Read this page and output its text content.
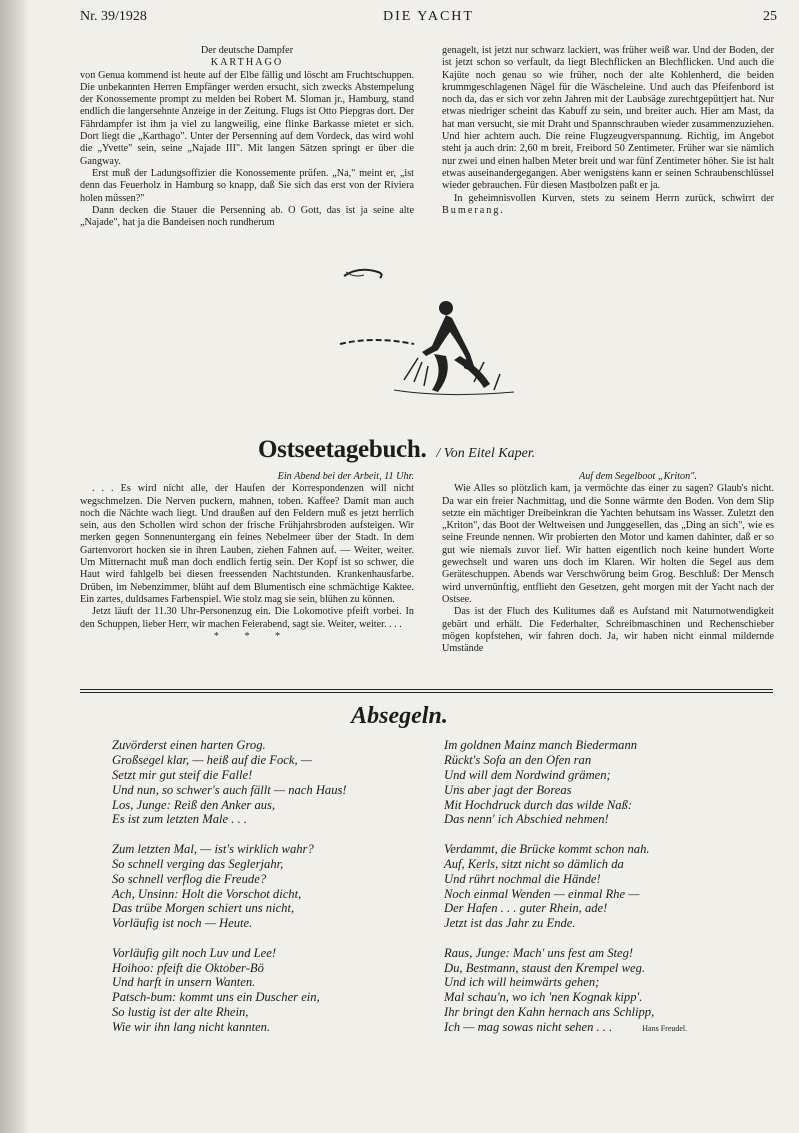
Nr. 39/1928	DIE YACHT	25

Der deutsche Dampfer

KARTHAGO

von Genua kommend ist heute auf der Elbe fällig und löscht am Fruchtschuppen. Die unbekannten Herren Empfänger werden ersucht, sich zwecks Abstempelung der Konossemente prompt zu melden bei Robert M. Sloman jr., Hamburg, stand endlich die langersehnte Anzeige in der Zeitung. Flugs ist Otto Piepgras dort. Der Fährdampfer ist ihm ja viel zu langweilig, eine flinke Barkasse mietet er sich. Dort liegt die „Karthago". Unter der Persenning auf dem Vordeck, das wird wohl die „Yvette" sein, seine „Najade III". Mit langen Sätzen springt er über die Gangway.

Erst muß der Ladungsoffizier die Konossemente prüfen. „Na," meint er, „ist denn das Feuerholz in Hamburg so knapp, daß Sie sich das erst von der Riviera holen müssen?"

Dann decken die Stauer die Persenning ab. O Gott, das ist ja seine alte „Najade", hat ja die Bandeisen noch rundherum

genagelt, ist jetzt nur schwarz lackiert, was früher weiß war. Und der Boden, der ist jetzt schon so verfault, da liegt Blechflicken an Blechflicken. Und auch die Kajüte noch genau so wie früher, noch der alte Kohlenherd, die beiden krummgeschlagenen Nägel für die Wäscheleine. Und auch das Pfeifenbord ist noch da, das er sich vor zehn Jahren mit der Laubsäge zurechtgepüttjert hat. Nur etwas niedriger scheint das Kabuff zu sein, und breiter auch. Hier am Mast, da hat man versucht, sie mit Draht und Spannschrauben wieder zusammenzuziehen. Und hier achtern auch. Die reine Flugzeugverspannung. Richtig, im Angebot steht ja auch drin: 2,60 m breit, Freibord 50 Zentimeter. Früher war sie nämlich nur zwei und einen halben Meter breit und war fünf Zentimeter höher. Sie ist halt etwas auseinandergegangen. Aber wenigstens kann er seinen Schraubenschlüssel wieder gebrauchen. Für diesen Mastbolzen paßt er ja.

In geheimnisvollen Kurven, stets zu seinem Herrn zurück, schwirrt der Bumerang.

Ostseetagebuch. / Von Eitel Kaper.

Ein Abend bei der Arbeit, 11 Uhr.

. . . Es wird nicht alle, der Haufen der Korrespondenzen will nicht wegschmelzen. Die Nerven puckern, mahnen, toben. Kaffee? Damit man auch noch die Nächte wach liegt. Und draußen auf den Feldern muß es jetzt herrlich sein, aus den Schollen wird schon der frische Frühjahrsbroden aufsteigen. Wir merken gegen Sonnenuntergang ein feines Nebelmeer über der Stadt. In dem Gartenvorort hocken sie in ihren Lauben, ziehen Fahnen auf. — Weiter, weiter. Um Mitternacht muß man doch endlich fertig sein. Der Kopf ist so schwer, die Haut wird fahlgelb bei diesen freessenden Nachtstunden. Krankenhausfarbe. Drüben, im Nebenzimmer, blüht auf dem Blumentisch eine schmächtige Kaktee. Ein zartes, duldsames Farbenspiel. Wie stolz mag sie sein, blühen zu können.

Jetzt läuft der 11.30 Uhr-Personenzug ein. Die Lokomotive pfeift vorbei. In den Schuppen, lieber Herr, wir machen Feierabend, sagt sie. Weiter, weiter. . . .

*          *          *

Auf dem Segelboot „Kriton".

Wie Alles so plötzlich kam, ja vermöchte das einer zu sagen? Glaub's nicht. Da war ein freier Nachmittag, und die Sonne wärmte den Boden. Von dem Slip setzte ein mächtiger Dreibeinkran die Yachten behutsam ins Wasser. Zuletzt den „Kriton", das Boot der Weltweisen und Junggesellen, das „Ding an sich", wie es seine Freunde nennen. Wir probierten den Motor und kamen dahinter, daß er so gut wie niemals zuvor lief. Wir hatten eigentlich noch keine hundert Worte gewechselt und waren uns doch im Klaren. Wir holten die Segel aus dem Geräteschuppen. Abends war Verschwörung beim Grog. Beschluß: Der Mensch wird unvernünftig, entflieht den Gesetzen, geht morgen mit der Yacht nach der Ostsee.

Das ist der Fluch des Kulitumes daß es Aufstand mit Naturnotwendigkeit gebärt und erhält. Die Federhalter, Schreibmaschinen und Rechenschieber mögen kopfstehen, wir fahren doch. Ja, wir haben nicht einmal mildernde Umstände

Absegeln.
Zuvörderst einen harten Grog.
Großsegel klar, — heiß auf die Fock, —
Setzt mir gut steif die Falle!
Und nun, so schwer's auch fällt — nach Haus!
Los, Junge: Reiß den Anker aus,
Es ist zum letzten Male . . .
Zum letzten Mal, — ist's wirklich wahr?
So schnell verging das Seglerjahr,
So schnell verflog die Freude?
Ach, Unsinn: Holt die Vorschot dicht,
Das trübe Morgen schiert uns nicht,
Vorläufig ist noch — Heute.
Vorläufig gilt noch Luv und Lee!
Hoihoo: pfeift die Oktober-Bö
Und harft in unsern Wanten.
Patsch-bum: kommt uns ein Duscher ein,
So lustig ist der alte Rhein,
Wie wir ihn lang nicht kannten.
Im goldnen Mainz manch Biedermann
Rückt's Sofa an den Ofen ran
Und will dem Nordwind grämen;
Uns aber jagt der Boreas
Mit Hochdruck durch das wilde Naß:
Das nenn' ich Abschied nehmen!
Verdammt, die Brücke kommt schon nah.
Auf, Kerls, sitzt nicht so dämlich da
Und rührt nochmal die Hände!
Noch einmal Wenden — einmal Rhe —
Der Hafen . . . guter Rhein, ade!
Jetzt ist das Jahr zu Ende.
Raus, Junge: Mach' uns fest am Steg!
Du, Bestmann, staust den Krempel weg.
Und ich will heimwärts gehen;
Mal schau'n, wo ich 'nen Kognak kipp'.
Ihr bringt den Kahn hernach ans Schlipp,
Ich — mag sowas nicht sehen . . .	Hans Freudel.
